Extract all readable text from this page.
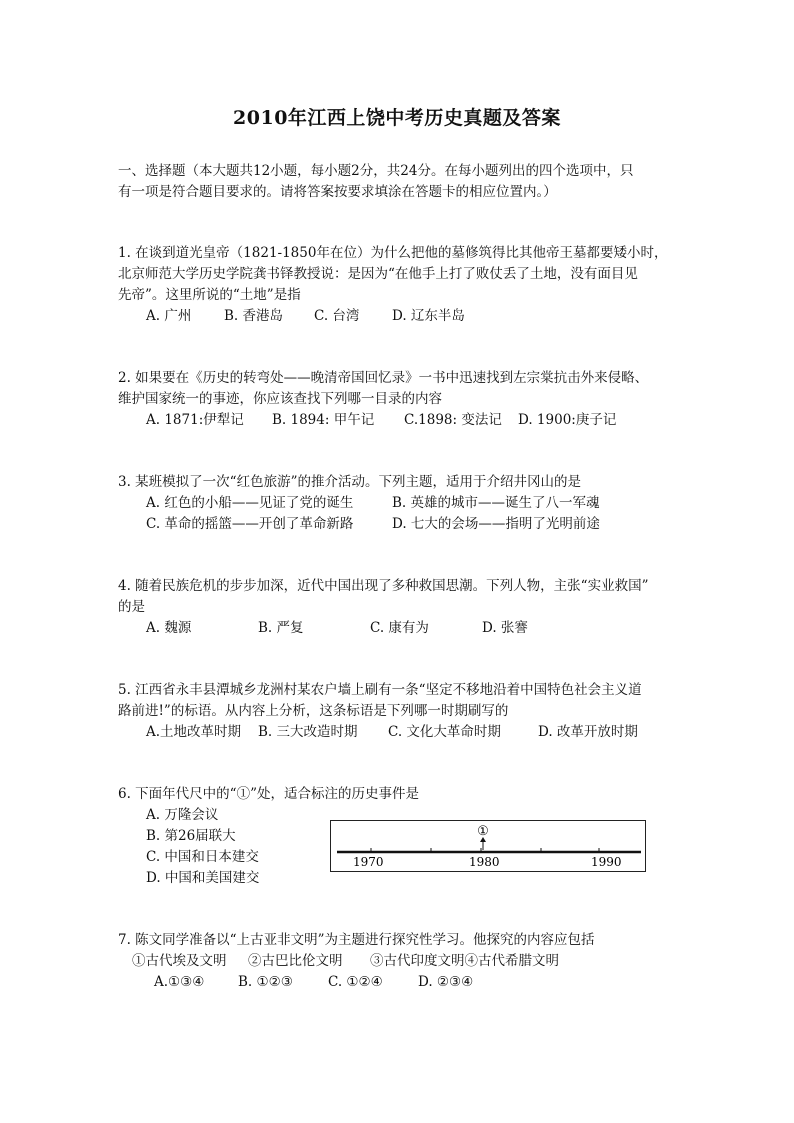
2010年江西上饶中考历史真题及答案
一、选择题（本大题共12小题，每小题2分，共24分。在每小题列出的四个选项中，只
有一项是符合题目要求的。请将答案按要求填涂在答题卡的相应位置内。）
1. 在谈到道光皇帝（1821-1850年在位）为什么把他的墓修筑得比其他帝王墓都要矮小时，
北京师范大学历史学院龚书铎教授说：是因为“在他手上打了败仗丢了土地，没有面目见
先帝”。这里所说的“土地”是指
A. 广州 B. 香港岛 C. 台湾 D. 辽东半岛
2. 如果要在《历史的转弯处——晚清帝国回忆录》一书中迅速找到左宗棠抗击外来侵略、
维护国家统一的事迹，你应该查找下列哪一目录的内容
A. 1871:伊犁记 B. 1894: 甲午记 C.1898: 变法记 D. 1900:庚子记
3. 某班模拟了一次“红色旅游”的推介活动。下列主题，适用于介绍井冈山的是
A. 红色的小船——见证了党的诞生	B. 英雄的城市——诞生了八一军魂
C. 革命的摇篮——开创了革命新路	D. 七大的会场——指明了光明前途
4. 随着民族危机的步步加深，近代中国出现了多种救国思潮。下列人物，主张“实业救国”
的是
A. 魏源	B. 严复	C. 康有为	D. 张謇
5. 江西省永丰县潭城乡龙洲村某农户墙上刷有一条“坚定不移地沿着中国特色社会主义道
路前进!”的标语。从内容上分析，这条标语是下列哪一时期刷写的
A.土地改革时期 B. 三大改造时期 C. 文化大革命时期	D. 改革开放时期
6. 下面年代尺中的“①”处，适合标注的历史事件是
A. 万隆会议
B. 第26届联大
C. 中国和日本建交
D. 中国和美国建交
①
1970	1980	1990
7. 陈文同学准备以“上古亚非文明”为主题进行探究性学习。他探究的内容应包括
①古代埃及文明 ②古巴比伦文明 ③古代印度文明④古代希腊文明
A.①③④ B. ①②③	C. ①②④	D. ②③④
